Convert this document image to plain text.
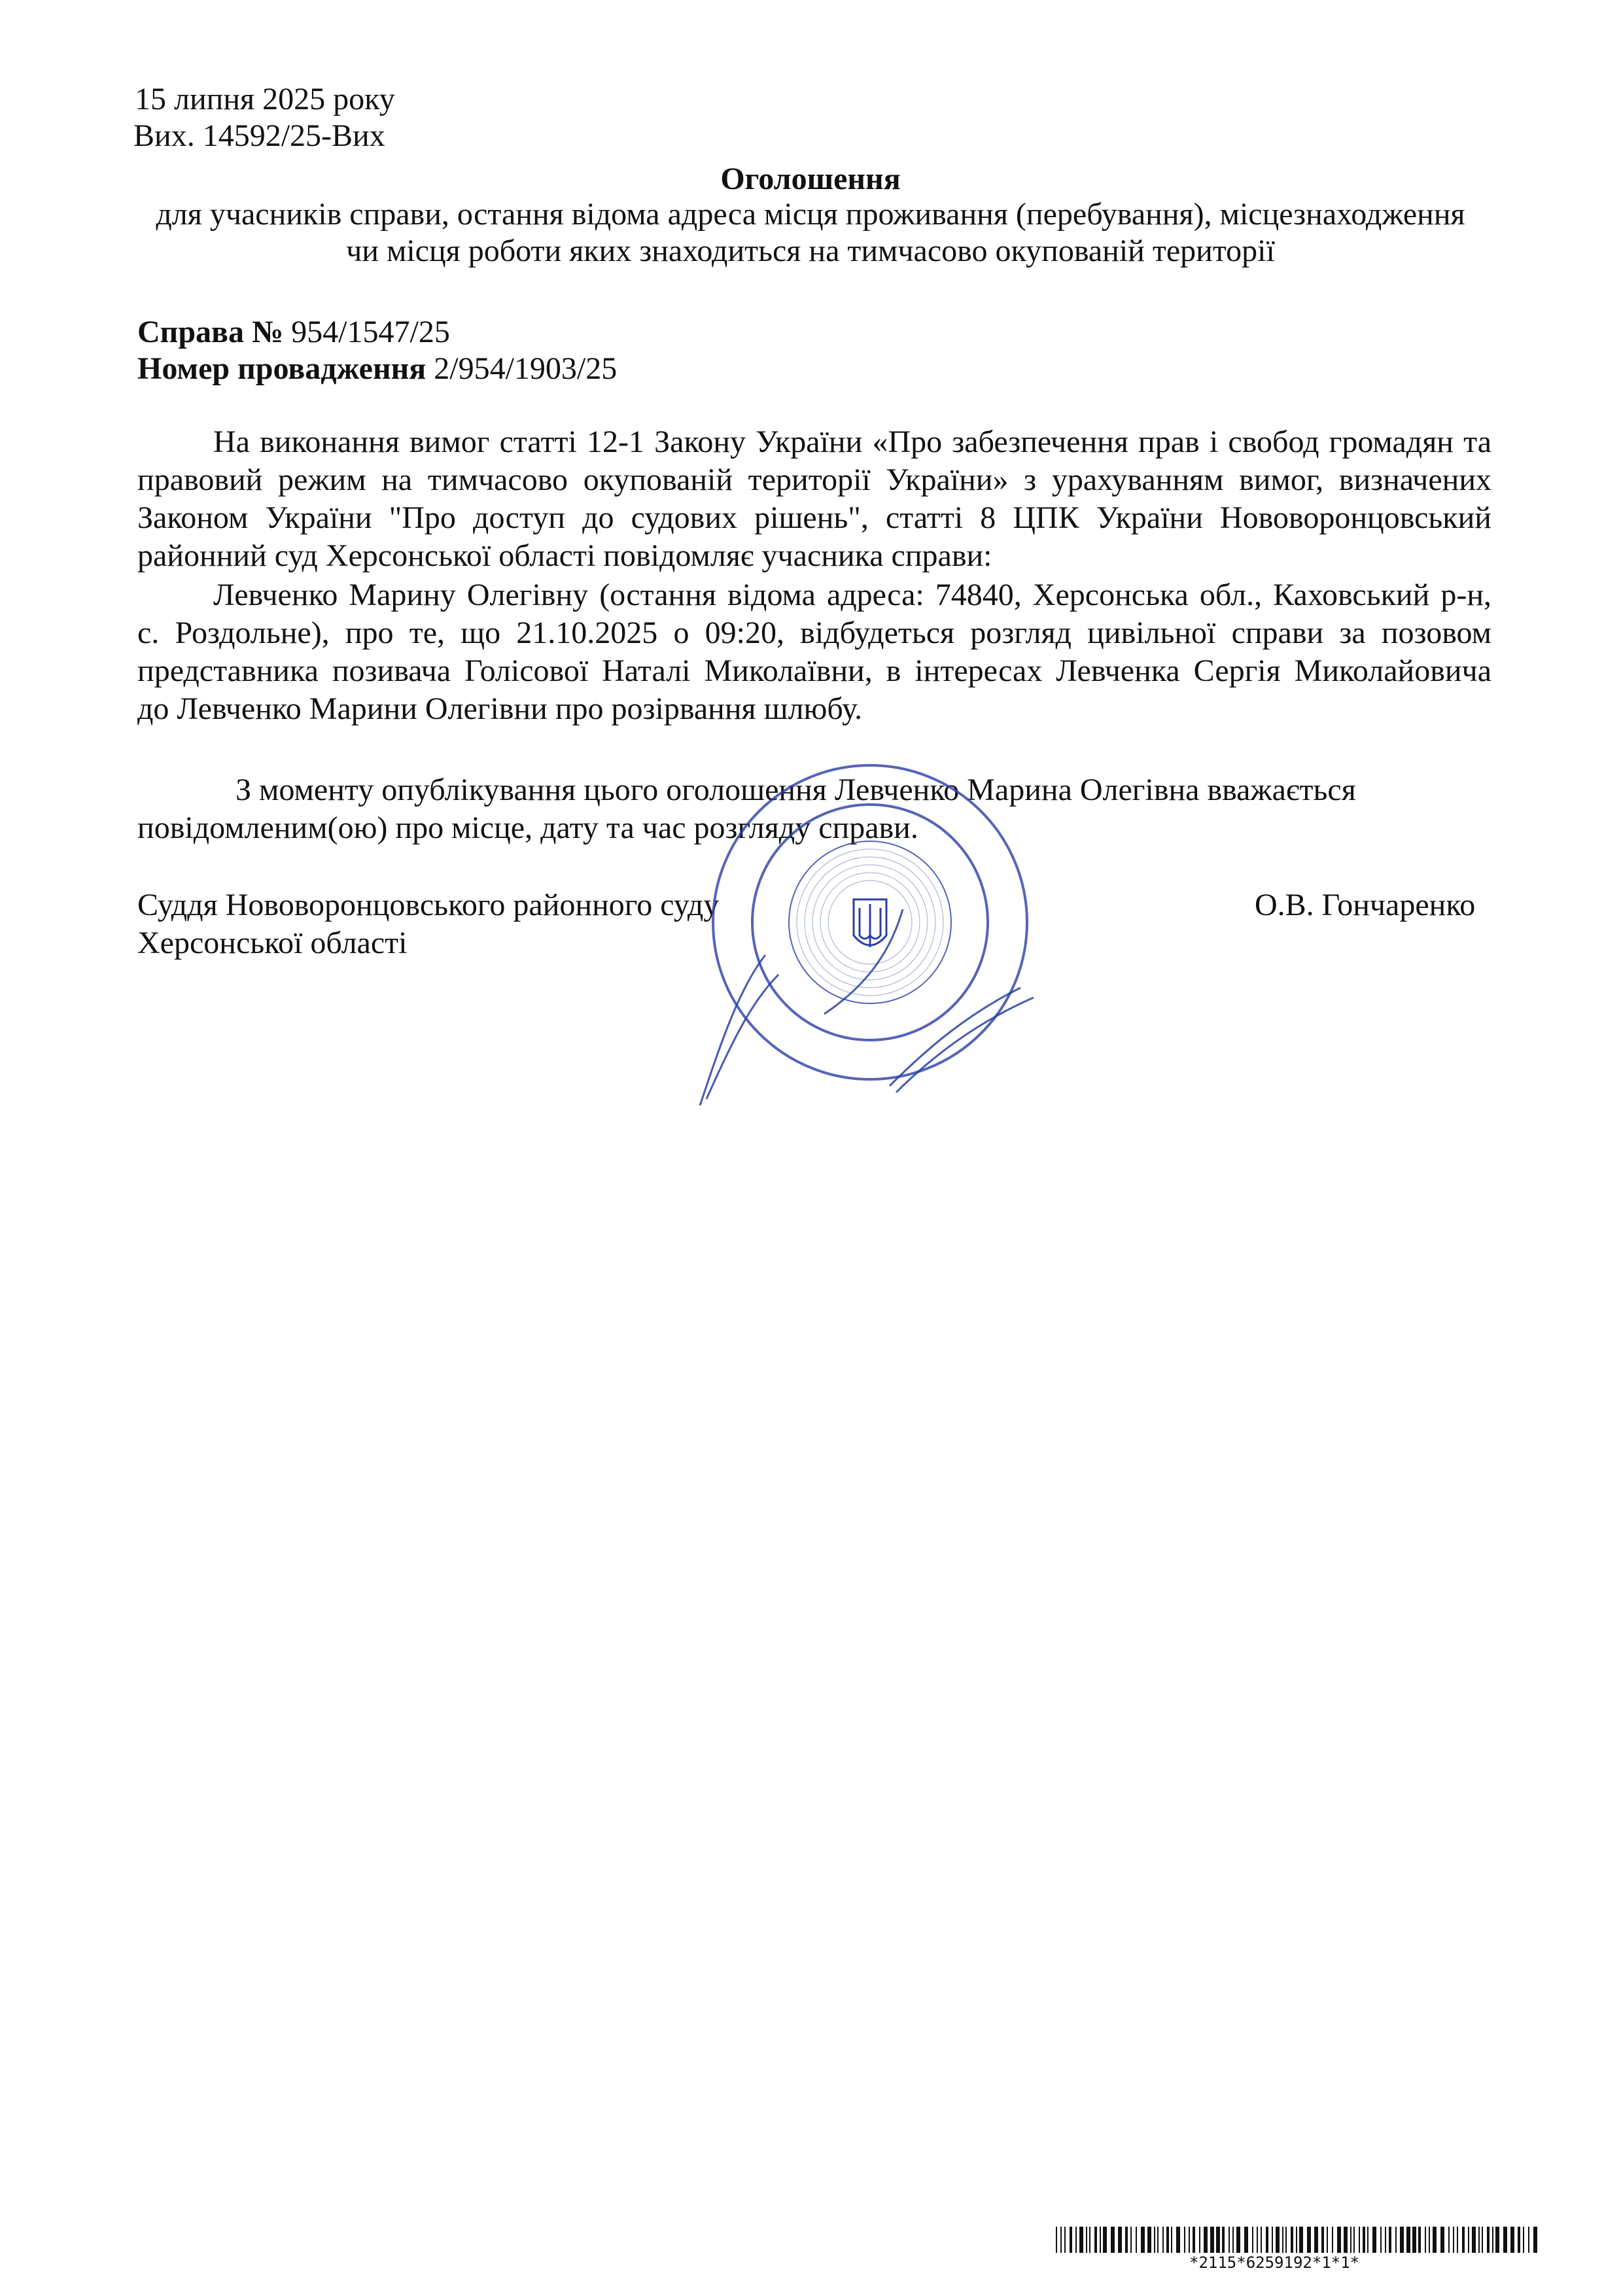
15 липня 2025 року
Вих. 14592/25-Вих
Оголошення
для учасників справи, остання відома адреса місця проживання (перебування), місцезнаходження
чи місця роботи яких знаходиться на тимчасово окупованій території
Справа № 954/1547/25
Номер провадження 2/954/1903/25
На виконання вимог статті 12-1 Закону України «Про забезпечення прав і свобод громадян та
правовий режим на тимчасово окупованій території України» з урахуванням вимог, визначених
Законом України "Про доступ до судових рішень", статті 8 ЦПК України Нововоронцовський
районний суд Херсонської області повідомляє учасника справи:
Левченко Марину Олегівну (остання відома адреса: 74840, Херсонська обл., Каховський р-н,
с. Роздольне), про те, що 21.10.2025 о 09:20, відбудеться розгляд цивільної справи за позовом
представника позивача Голісової Наталі Миколаївни, в інтересах Левченка Сергія Миколайовича
до Левченко Марини Олегівни про розірвання шлюбу.
З моменту опублікування цього оголошення Левченко Марина Олегівна вважається
повідомленим(ою) про місце, дату та час розгляду справи.
Суддя Нововоронцовського районного суду
Херсонської області
О.В. Гончаренко
*2115*6259192*1*1*
